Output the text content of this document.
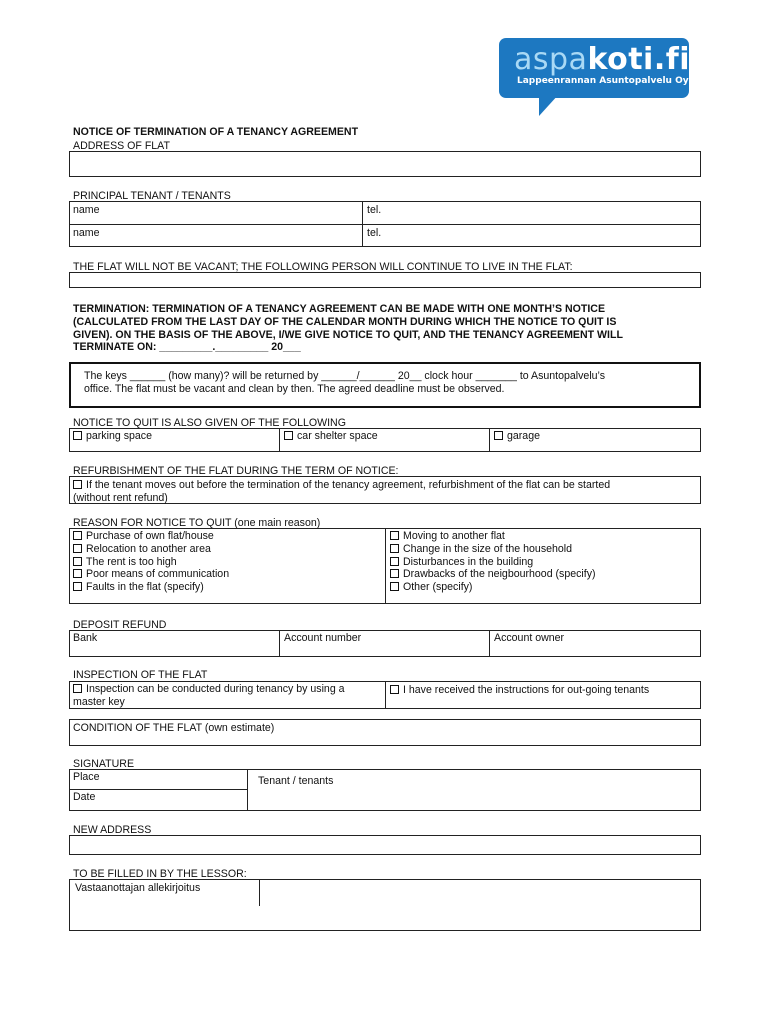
aspakoti.fi
Lappeenrannan Asuntopalvelu Oy
NOTICE OF TERMINATION OF A TENANCY AGREEMENT
ADDRESS OF FLAT
PRINCIPAL TENANT / TENANTS
name	tel.
name	tel.
THE FLAT WILL NOT BE VACANT; THE FOLLOWING PERSON WILL CONTINUE TO LIVE IN THE FLAT:
TERMINATION: TERMINATION OF A TENANCY AGREEMENT CAN BE MADE WITH ONE MONTH’S NOTICE
(CALCULATED FROM THE LAST DAY OF THE CALENDAR MONTH DURING WHICH THE NOTICE TO QUIT IS
GIVEN). ON THE BASIS OF THE ABOVE, I/WE GIVE NOTICE TO QUIT, AND THE TENANCY AGREEMENT WILL
TERMINATE ON: _________._________ 20___
The keys ______ (how many)? will be returned by ______/______ 20__ clock hour _______ to Asuntopalvelu’s
office. The flat must be vacant and clean by then. The agreed deadline must be observed.
NOTICE TO QUIT IS ALSO GIVEN OF THE FOLLOWING
parking space	car shelter space	garage
REFURBISHMENT OF THE FLAT DURING THE TERM OF NOTICE:
If the tenant moves out before the termination of the tenancy agreement, refurbishment of the flat can be started
(without rent refund)
REASON FOR NOTICE TO QUIT (one main reason)
Purchase of own flat/house
Relocation to another area
The rent is too high
Poor means of communication
Faults in the flat (specify)
Moving to another flat
Change in the size of the household
Disturbances in the building
Drawbacks of the neigbourhood (specify)
Other (specify)
DEPOSIT REFUND
Bank	Account number	Account owner
INSPECTION OF THE FLAT
Inspection can be conducted during tenancy by using a
master key
I have received the instructions for out-going tenants
CONDITION OF THE FLAT (own estimate)
SIGNATURE
Place
Date
Tenant / tenants
NEW ADDRESS
TO BE FILLED IN BY THE LESSOR:
Vastaanottajan allekirjoitus
